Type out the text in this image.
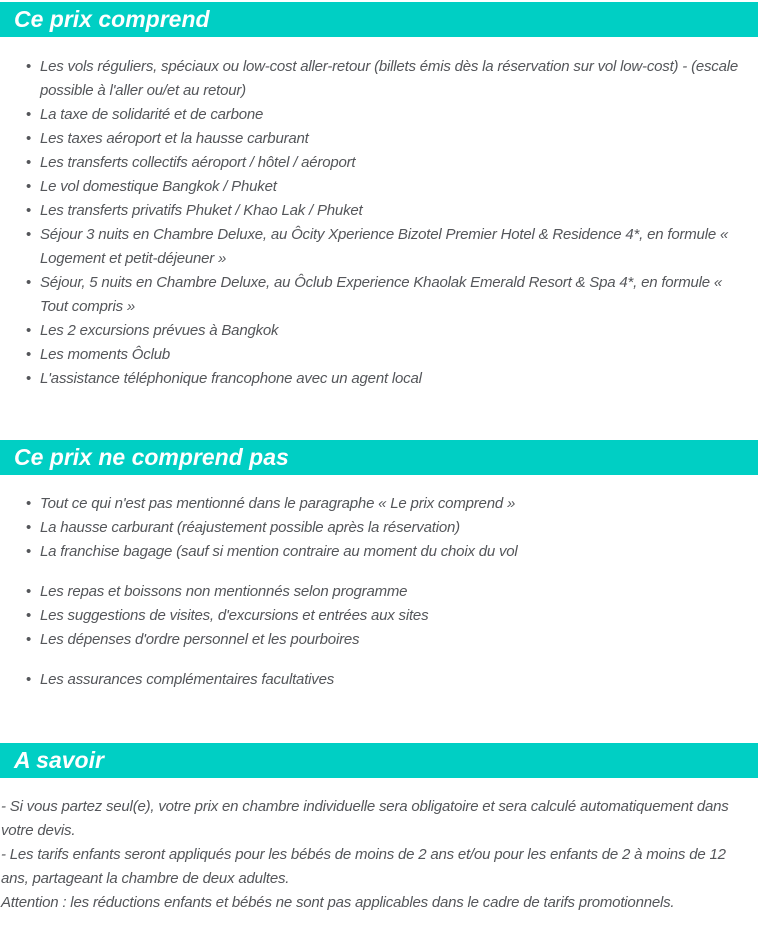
Ce prix comprend
• Les vols réguliers, spéciaux ou low-cost aller-retour (billets émis dès la réservation sur vol low-cost) - (escale possible à l'aller ou/et au retour)
• La taxe de solidarité et de carbone
• Les taxes aéroport et la hausse carburant
• Les transferts collectifs aéroport / hôtel / aéroport
• Le vol domestique Bangkok / Phuket
• Les transferts privatifs Phuket / Khao Lak / Phuket
• Séjour 3 nuits en Chambre Deluxe, au Ôcity Xperience Bizotel Premier Hotel & Residence 4*, en formule « Logement et petit-déjeuner »
• Séjour, 5 nuits en Chambre Deluxe, au Ôclub Experience Khaolak Emerald Resort & Spa 4*, en formule « Tout compris »
• Les 2 excursions prévues à Bangkok
• Les moments Ôclub
• L'assistance téléphonique francophone avec un agent local
Ce prix ne comprend pas
• Tout ce qui n'est pas mentionné dans le paragraphe « Le prix comprend »
• La hausse carburant (réajustement possible après la réservation)
• La franchise bagage (sauf si mention contraire au moment du choix du vol
• Les repas et boissons non mentionnés selon programme
• Les suggestions de visites, d'excursions et entrées aux sites
• Les dépenses d'ordre personnel et les pourboires
• Les assurances complémentaires facultatives
A savoir

- Si vous partez seul(e), votre prix en chambre individuelle sera obligatoire et sera calculé automatiquement dans votre devis.

- Les tarifs enfants seront appliqués pour les bébés de moins de 2 ans et/ou pour les enfants de 2 à moins de 12 ans, partageant la chambre de deux adultes.

Attention : les réductions enfants et bébés ne sont pas applicables dans le cadre de tarifs promotionnels.
